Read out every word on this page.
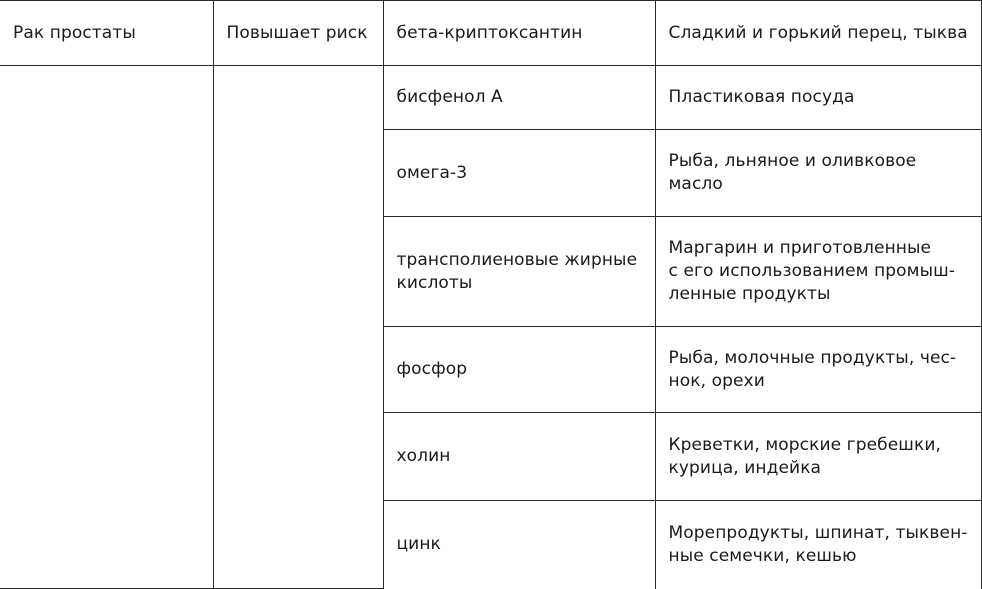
Рак простаты	Повышает риск	бета-криптоксантин	Сладкий и горький перец, тыква

		бисфенол А	Пластиковая посуда

		омега-3	Рыба, льняное и оливковое
масло

		трансполиеновые жирные
кислоты	Маргарин и приготовленные
с его использованием промыш-
ленные продукты

		фосфор	Рыба, молочные продукты, чес-
нок, орехи

		холин	Креветки, морские гребешки,
курица, индейка

		цинк	Морепродукты, шпинат, тыквен-
ные семечки, кешью
